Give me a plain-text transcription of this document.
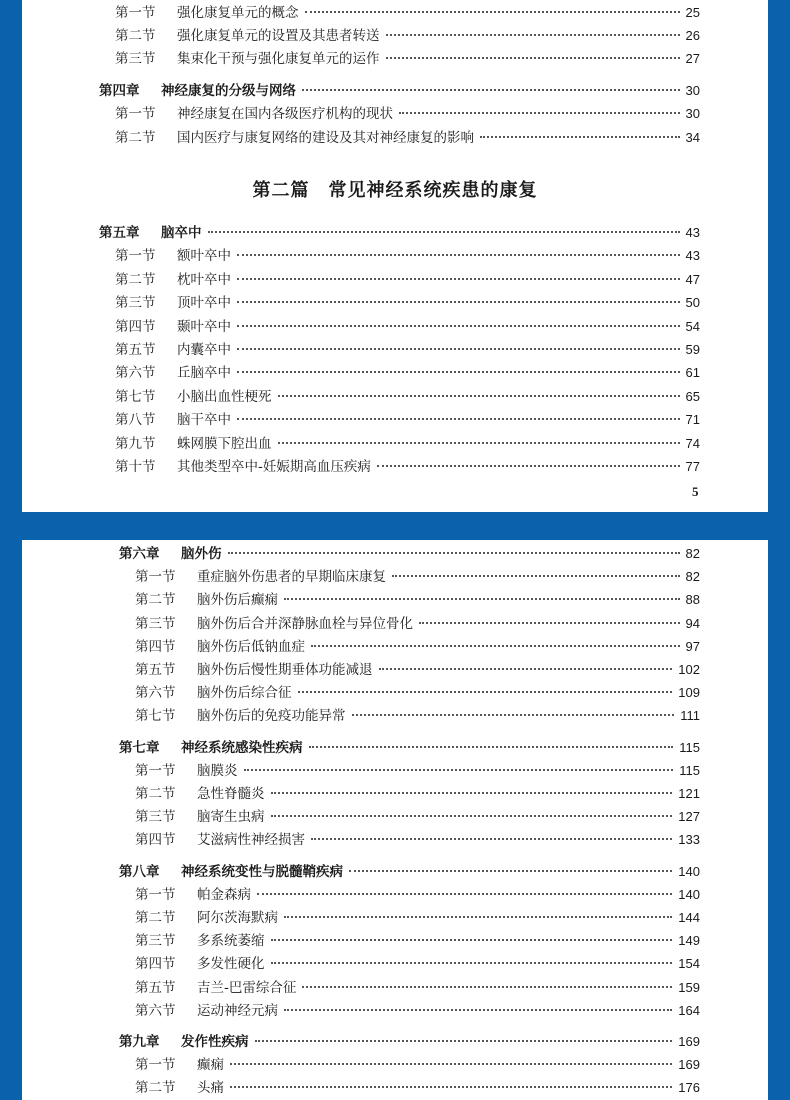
第一节	强化康复单元的概念	25
第二节	强化康复单元的设置及其患者转送	26
第三节	集束化干预与强化康复单元的运作	27
第四章	神经康复的分级与网络	30
第一节	神经康复在国内各级医疗机构的现状	30
第二节	国内医疗与康复网络的建设及其对神经康复的影响	34
第二篇　常见神经系统疾患的康复
第五章	脑卒中	43
第一节	额叶卒中	43
第二节	枕叶卒中	47
第三节	顶叶卒中	50
第四节	颞叶卒中	54
第五节	内囊卒中	59
第六节	丘脑卒中	61
第七节	小脑出血性梗死	65
第八节	脑干卒中	71
第九节	蛛网膜下腔出血	74
第十节	其他类型卒中-妊娠期高血压疾病	77
5
第六章	脑外伤	82
第一节	重症脑外伤患者的早期临床康复	82
第二节	脑外伤后癫痫	88
第三节	脑外伤后合并深静脉血栓与异位骨化	94
第四节	脑外伤后低钠血症	97
第五节	脑外伤后慢性期垂体功能减退	102
第六节	脑外伤后综合征	109
第七节	脑外伤后的免疫功能异常	111
第七章	神经系统感染性疾病	115
第一节	脑膜炎	115
第二节	急性脊髓炎	121
第三节	脑寄生虫病	127
第四节	艾滋病性神经损害	133
第八章	神经系统变性与脱髓鞘疾病	140
第一节	帕金森病	140
第二节	阿尔茨海默病	144
第三节	多系统萎缩	149
第四节	多发性硬化	154
第五节	吉兰-巴雷综合征	159
第六节	运动神经元病	164
第九章	发作性疾病	169
第一节	癫痫	169
第二节	头痛	176
